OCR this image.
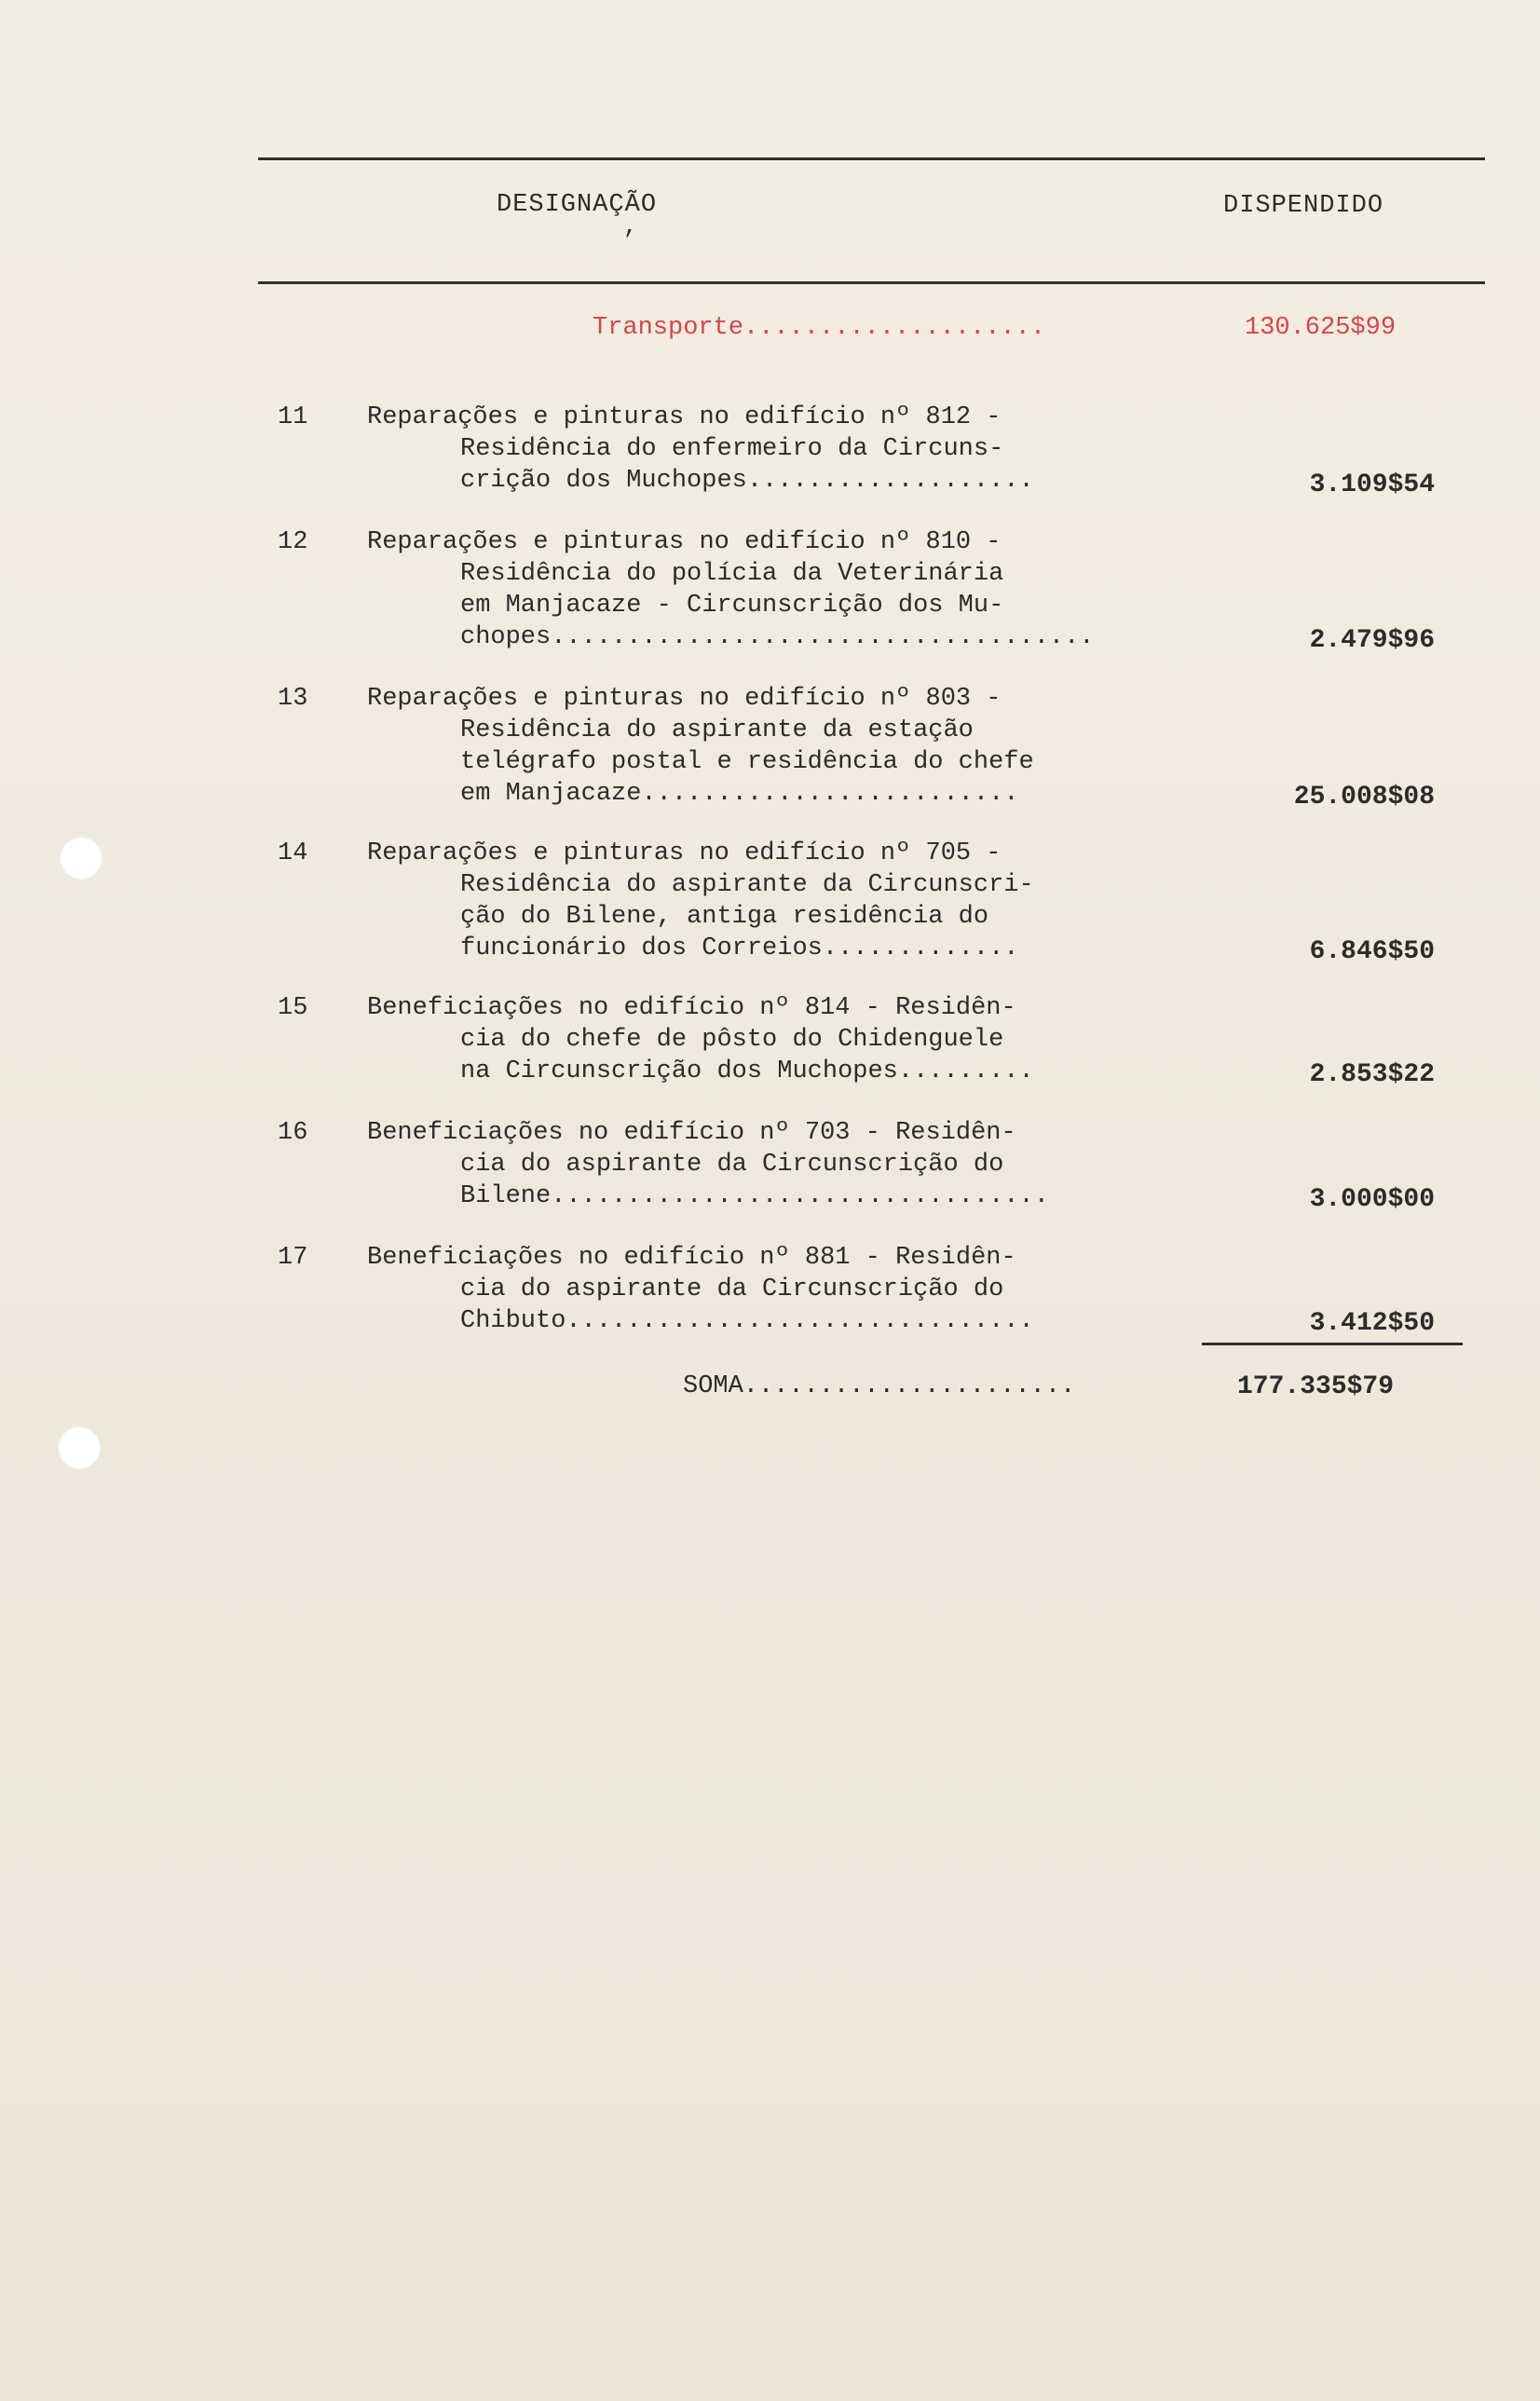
DESIGNAÇÃO
,
DISPENDIDO
Transporte....................	130.625$99
11 Reparações e pinturas no edifício nº 812 -
Residência do enfermeiro da Circuns-
crição dos Muchopes...................	3.109$54
12 Reparações e pinturas no edifício nº 810 -
Residência do polícia da Veterinária
em Manjacaze - Circunscrição dos Mu-
chopes....................................	2.479$96
13 Reparações e pinturas no edifício nº 803 -
Residência do aspirante da estação
telégrafo postal e residência do chefe
em Manjacaze.........................	25.008$08
14 Reparações e pinturas no edifício nº 705 -
Residência do aspirante da Circunscri-
ção do Bilene, antiga residência do
funcionário dos Correios.............	6.846$50
15 Beneficiações no edifício nº 814 - Residên-
cia do chefe de pôsto do Chidenguele
na Circunscrição dos Muchopes.........	2.853$22
16 Beneficiações no edifício nº 703 - Residên-
cia do aspirante da Circunscrição do
Bilene.................................	3.000$00
17 Beneficiações no edifício nº 881 - Residên-
cia do aspirante da Circunscrição do
Chibuto...............................	3.412$50
SOMA......................	177.335$79
